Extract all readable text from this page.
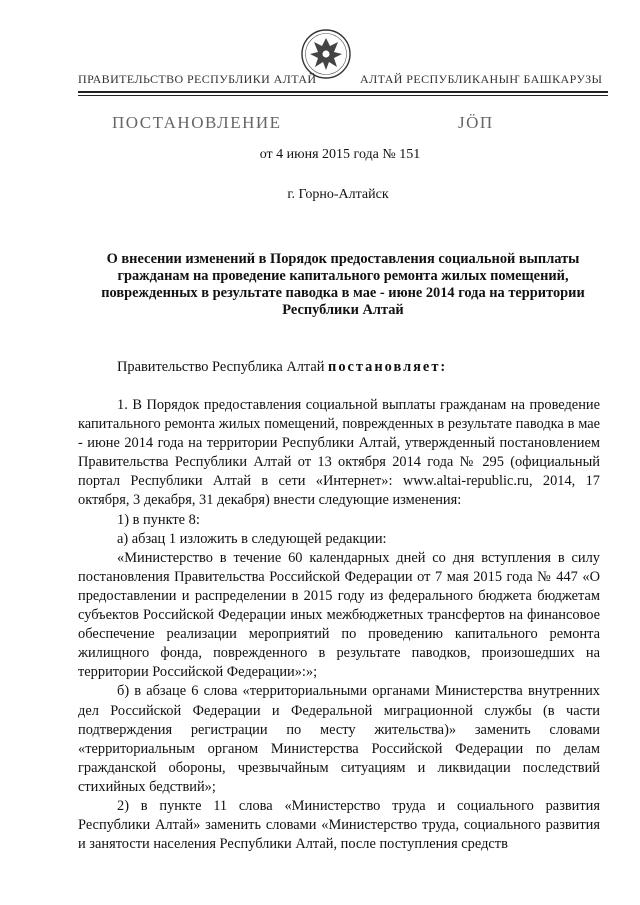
ПРАВИТЕЛЬСТВО РЕСПУБЛИКИ АЛТАЙ	АЛТАЙ РЕСПУБЛИКАНЫҤ БАШКАРУЗЫ
ПОСТАНОВЛЕНИЕ	JÖП
от 4 июня 2015 года № 151
г. Горно-Алтайск
О внесении изменений в Порядок предоставления социальной выплаты гражданам на проведение капитального ремонта жилых помещений, поврежденных в результате паводка в мае - июне 2014 года на территории Республики Алтай
Правительство Республика Алтай постановляет:

1. В Порядок предоставления социальной выплаты гражданам на проведение капитального ремонта жилых помещений, поврежденных в результате паводка в мае - июне 2014 года на территории Республики Алтай, утвержденный постановлением Правительства Республики Алтай от 13 октября 2014 года № 295 (официальный портал Республики Алтай в сети «Интернет»: www.altai-republic.ru, 2014, 17 октября, 3 декабря, 31 декабря) внести следующие изменения:

1) в пункте 8:

а) абзац 1 изложить в следующей редакции:

«Министерство в течение 60 календарных дней со дня вступления в силу постановления Правительства Российской Федерации от 7 мая 2015 года № 447 «О предоставлении и распределении в 2015 году из федерального бюджета бюджетам субъектов Российской Федерации иных межбюджетных трансфертов на финансовое обеспечение реализации мероприятий по проведению капитального ремонта жилищного фонда, поврежденного в результате паводков, произошедших на территории Российской Федерации»:»;

б) в абзаце 6 слова «территориальными органами Министерства внутренних дел Российской Федерации и Федеральной миграционной службы (в части подтверждения регистрации по месту жительства)» заменить словами «территориальным органом Министерства Российской Федерации по делам гражданской обороны, чрезвычайным ситуациям и ликвидации последствий стихийных бедствий»;

2) в пункте 11 слова «Министерство труда и социального развития Республики Алтай» заменить словами «Министерство труда, социального развития и занятости населения Республики Алтай, после поступления средств
